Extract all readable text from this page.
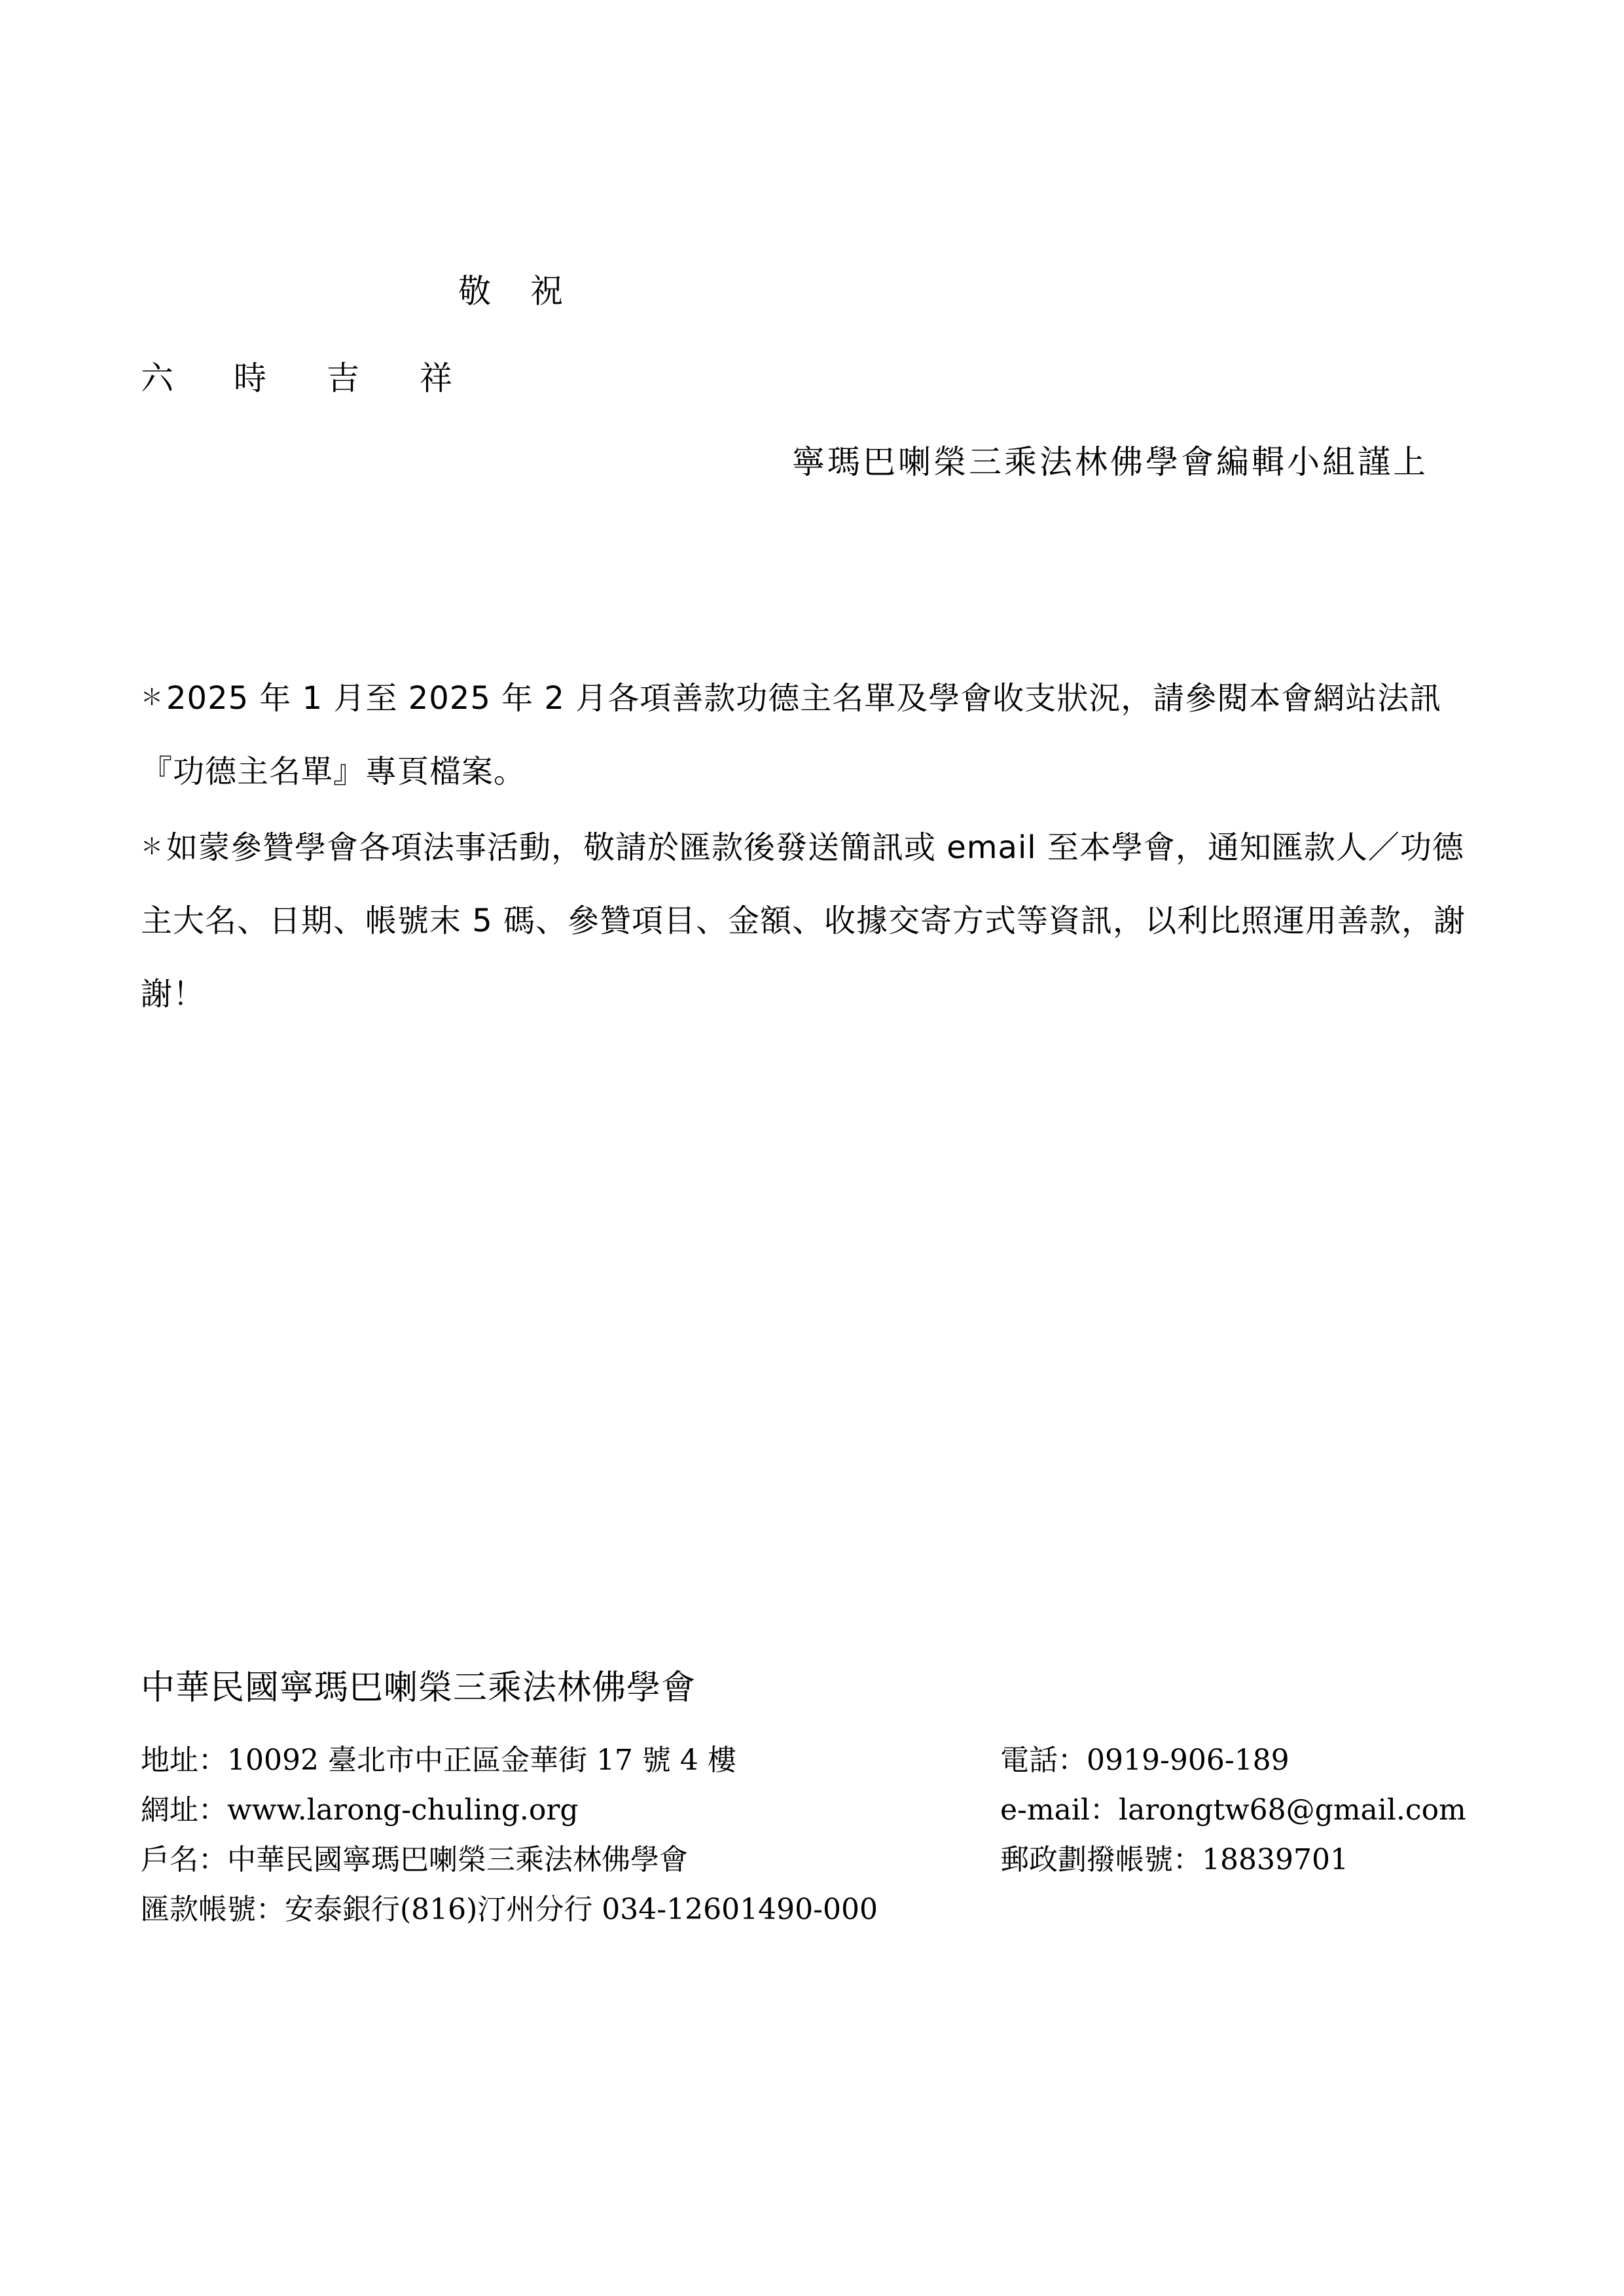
敬 祝

六 時 吉 祥

寧瑪巴喇榮三乘法林佛學會編輯小組謹上

＊2025 年 1 月至 2025 年 2 月各項善款功德主名單及學會收支狀況，請參閱本會網站法訊『功德主名單』專頁檔案。

＊如蒙參贊學會各項法事活動，敬請於匯款後發送簡訊或 email 至本學會，通知匯款人／功德主大名、日期、帳號末 5 碼、參贊項目、金額、收據交寄方式等資訊，以利比照運用善款，謝謝！

中華民國寧瑪巴喇榮三乘法林佛學會

地址：10092 臺北市中正區金華街 17 號 4 樓	電話：0919-906-189

網址：www.larong-chuling.org	e-mail：larongtw68@gmail.com

戶名：中華民國寧瑪巴喇榮三乘法林佛學會	郵政劃撥帳號：18839701

匯款帳號：安泰銀行(816)汀州分行 034-12601490-000
